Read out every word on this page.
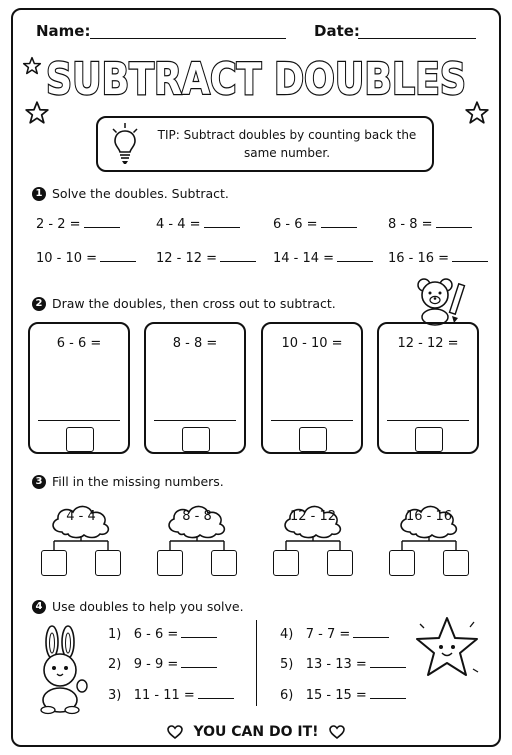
Name:	Date:
SUBTRACT DOUBLES
TIP: Subtract doubles by counting back the same number.
1 Solve the doubles. Subtract.
2 - 2 =	4 - 4 =	6 - 6 =	8 - 8 =
10 - 10 =	12 - 12 =	14 - 14 =	16 - 16 =
2 Draw the doubles, then cross out to subtract.
6 - 6 =	8 - 8 =	10 - 10 =	12 - 12 =
3 Fill in the missing numbers.
4 - 4	8 - 8	12 - 12	16 - 16
4 Use doubles to help you solve.
1) 6 - 6 =
2) 9 - 9 =
3) 11 - 11 =
4) 7 - 7 =
5) 13 - 13 =
6) 15 - 15 =
YOU CAN DO IT!
